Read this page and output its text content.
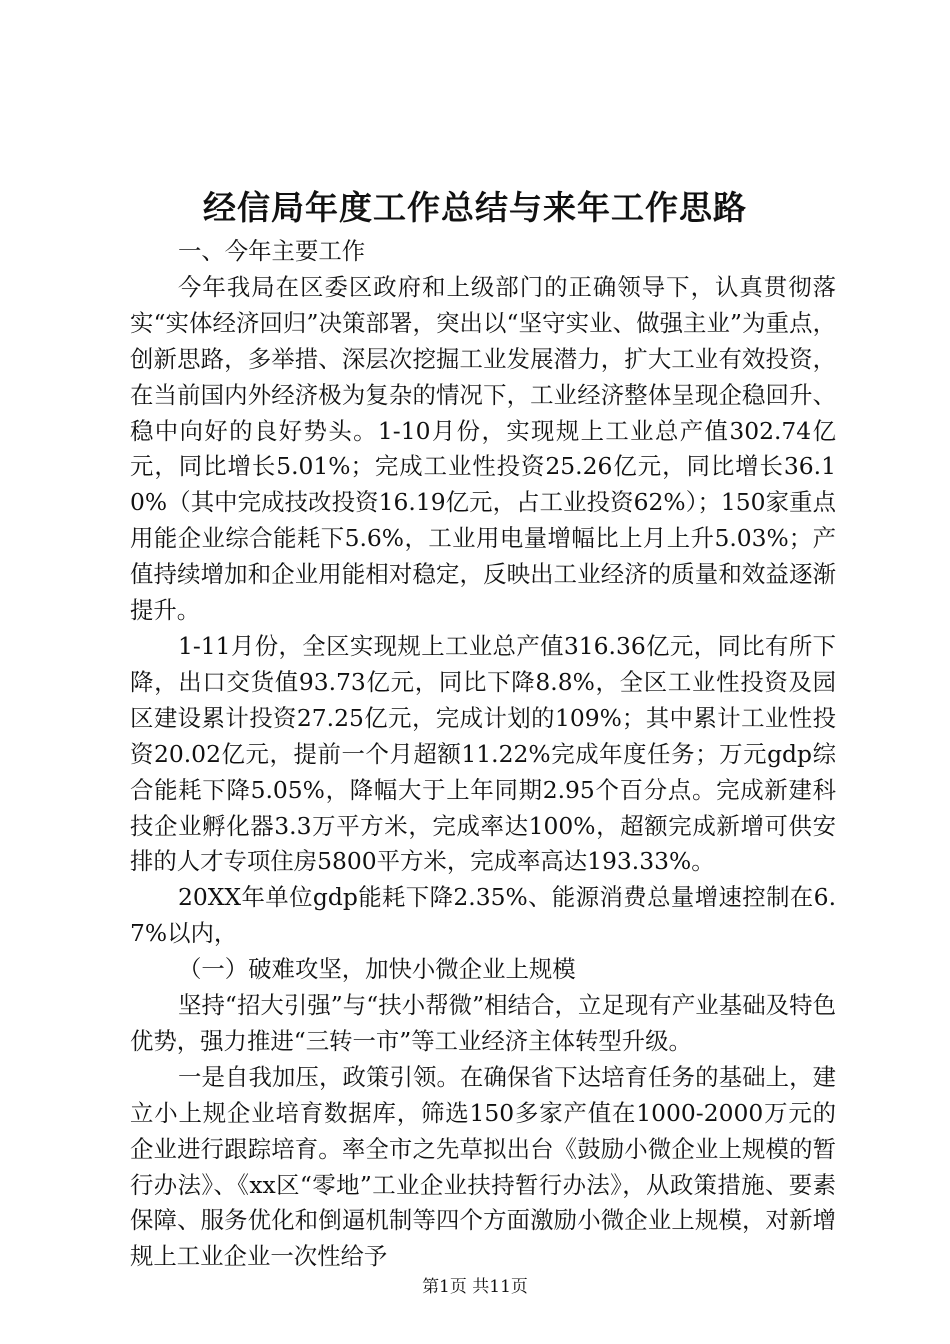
经信局年度工作总结与来年工作思路

一、今年主要工作

今年我局在区委区政府和上级部门的正确领导下，认真贯彻落实“实体经济回归”决策部署，突出以“坚守实业、做强主业”为重点，创新思路，多举措、深层次挖掘工业发展潜力，扩大工业有效投资，在当前国内外经济极为复杂的情况下，工业经济整体呈现企稳回升、稳中向好的良好势头。1-10月份，实现规上工业总产值302.74亿元，同比增长5.01%；完成工业性投资25.26亿元，同比增长36.10%（其中完成技改投资16.19亿元，占工业投资62%）；150家重点用能企业综合能耗下5.6%，工业用电量增幅比上月上升5.03%；产值持续增加和企业用能相对稳定，反映出工业经济的质量和效益逐渐提升。

1-11月份，全区实现规上工业总产值316.36亿元，同比有所下降，出口交货值93.73亿元，同比下降8.8%，全区工业性投资及园区建设累计投资27.25亿元，完成计划的109%；其中累计工业性投资20.02亿元，提前一个月超额11.22%完成年度任务；万元gdp综合能耗下降5.05%，降幅大于上年同期2.95个百分点。完成新建科技企业孵化器3.3万平方米，完成率达100%，超额完成新增可供安排的人才专项住房5800平方米，完成率高达193.33%。

20XX年单位gdp能耗下降2.35%、能源消费总量增速控制在6.7%以内，

（一）破难攻坚，加快小微企业上规模

坚持“招大引强”与“扶小帮微”相结合，立足现有产业基础及特色优势，强力推进“三转一市”等工业经济主体转型升级。

一是自我加压，政策引领。在确保省下达培育任务的基础上，建立小上规企业培育数据库，筛选150多家产值在1000-2000万元的企业进行跟踪培育。率全市之先草拟出台《鼓励小微企业上规模的暂行办法》、《xx区“零地”工业企业扶持暂行办法》，从政策措施、要素保障、服务优化和倒逼机制等四个方面激励小微企业上规模，对新增规上工业企业一次性给予

第1页 共11页
